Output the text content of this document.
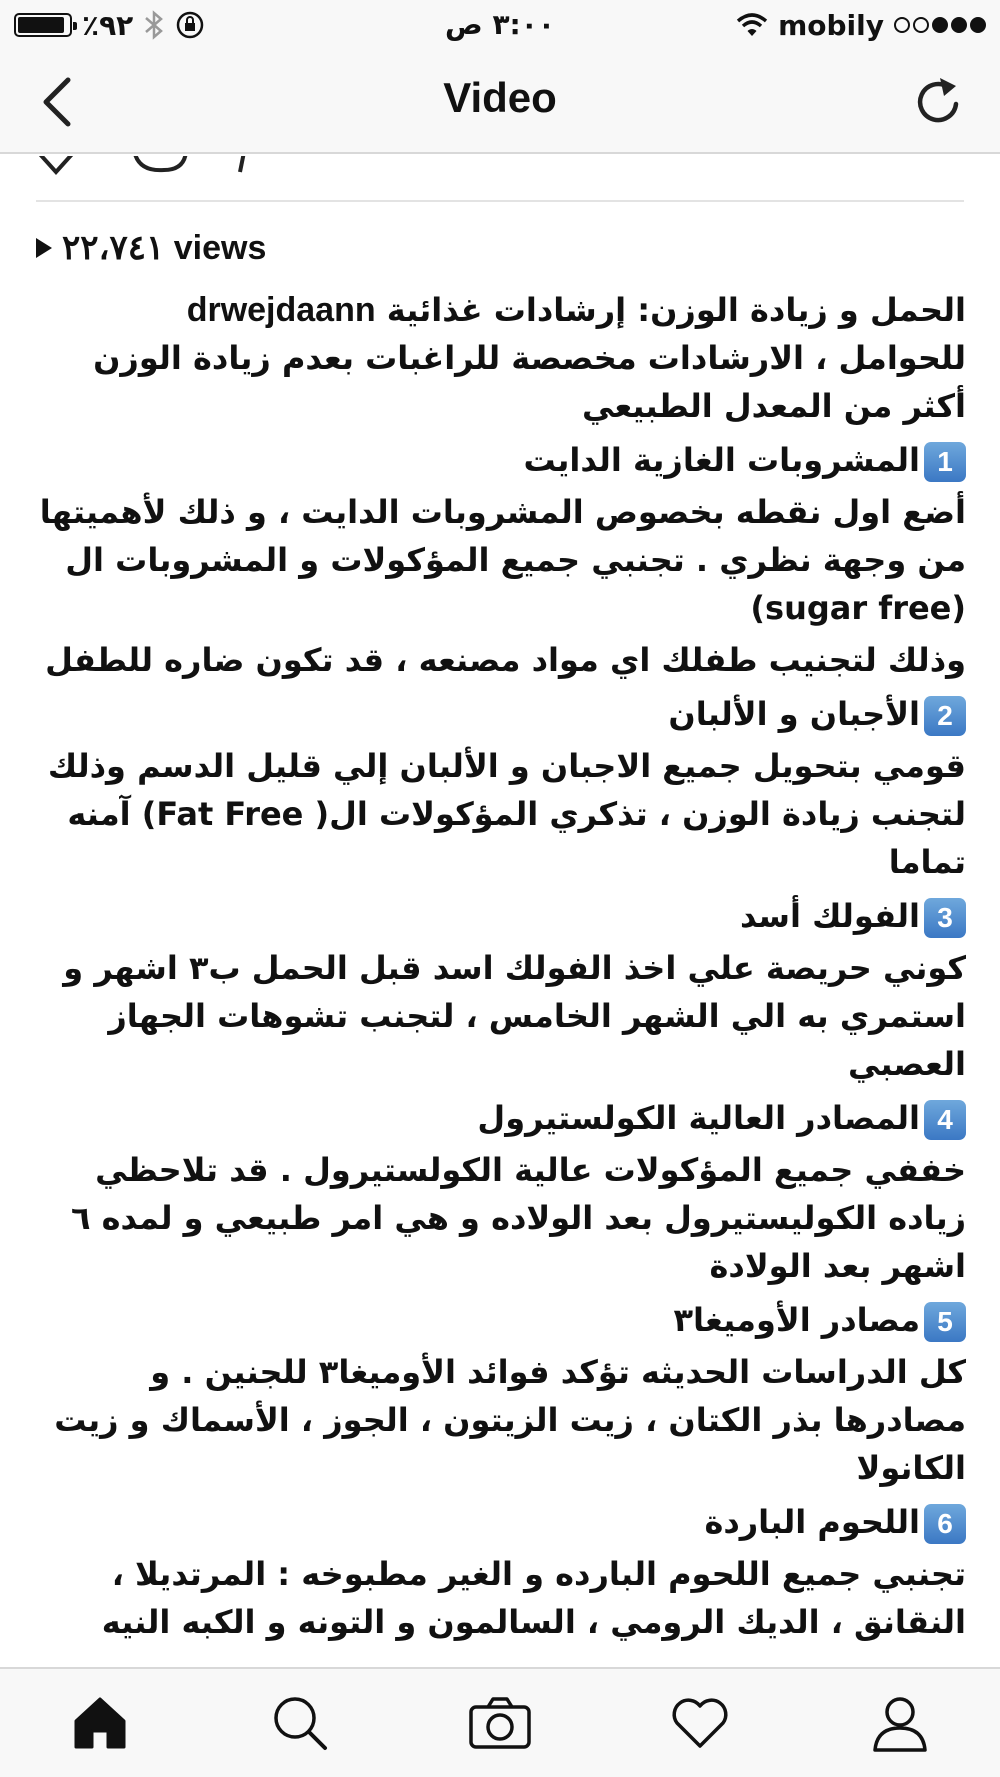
٪٩٢	٣:٠٠ ص	mobily
Video
٢٢،٧٤١ views

الحمل و زيادة الوزن: إرشادات غذائية drwejdaann
للحوامل ، الارشادات مخصصة للراغبات بعدم زيادة الوزن أكثر من المعدل الطبيعي

1المشروبات الغازية الدايت

أضع اول نقطه بخصوص المشروبات الدايت ، و ذلك لأهميتها من وجهة نظري . تجنبي جميع المؤكولات و المشروبات ال (sugar free)

وذلك لتجنيب طفلك اي مواد مصنعه ، قد تكون ضاره للطفل

2الأجبان و الألبان

قومي بتحويل جميع الاجبان و الألبان إلي قليل الدسم وذلك لتجنب زيادة الوزن ، تذكري المؤكولات ال( Fat Free) آمنه تماما

3الفولك أسد

كوني حريصة علي اخذ الفولك اسد قبل الحمل ب٣ اشهر و استمري به الي الشهر الخامس ، لتجنب تشوهات الجهاز العصبي

4المصادر العالية الكولستيرول

خففي جميع المؤكولات عالية الكولستيرول . قد تلاحظي زياده الكوليستيرول بعد الولاده و هي امر طبيعي و لمده ٦ اشهر بعد الولادة

5مصادر الأوميغا٣

كل الدراسات الحديثه تؤكد فوائد الأوميغا٣ للجنين . و مصادرها بذر الكتان ، زيت الزيتون ، الجوز ، الأسماك و زيت الكانولا

6اللحوم الباردة

تجنبي جميع اللحوم البارده و الغير مطبوخه : المرتديلا ، النقانق ، الديك الرومي ، السالمون و التونه و الكبه النيه
